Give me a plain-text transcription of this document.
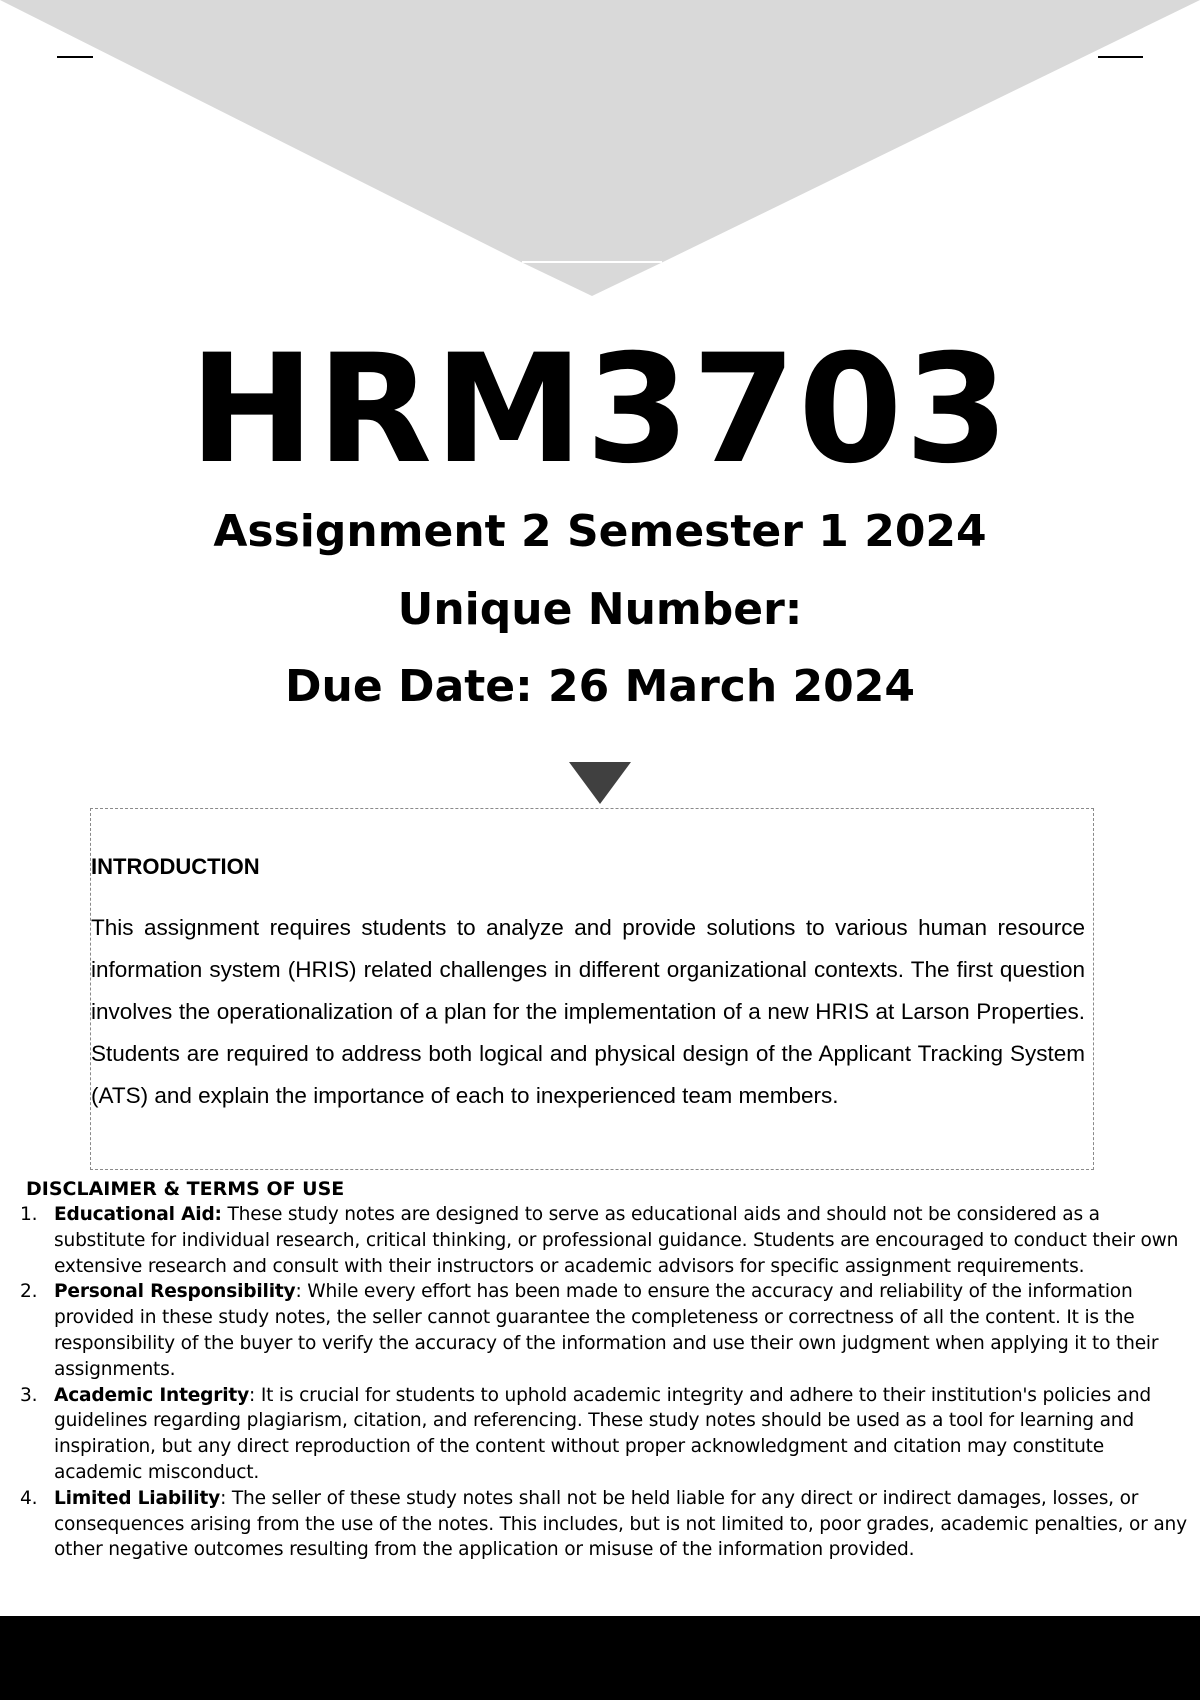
HRM3703
Assignment 2 Semester 1 2024
Unique Number:
Due Date: 26 March 2024
INTRODUCTION

This assignment requires students to analyze and provide solutions to various human resource information system (HRIS) related challenges in different organizational contexts. The first question involves the operationalization of a plan for the implementation of a new HRIS at Larson Properties. Students are required to address both logical and physical design of the Applicant Tracking System (ATS) and explain the importance of each to inexperienced team members.

DISCLAIMER & TERMS OF USE
1. Educational Aid: These study notes are designed to serve as educational aids and should not be considered as a substitute for individual research, critical thinking, or professional guidance. Students are encouraged to conduct their own extensive research and consult with their instructors or academic advisors for specific assignment requirements.
2. Personal Responsibility: While every effort has been made to ensure the accuracy and reliability of the information provided in these study notes, the seller cannot guarantee the completeness or correctness of all the content. It is the responsibility of the buyer to verify the accuracy of the information and use their own judgment when applying it to their assignments.
3. Academic Integrity: It is crucial for students to uphold academic integrity and adhere to their institution's policies and guidelines regarding plagiarism, citation, and referencing. These study notes should be used as a tool for learning and inspiration, but any direct reproduction of the content without proper acknowledgment and citation may constitute academic misconduct.
4. Limited Liability: The seller of these study notes shall not be held liable for any direct or indirect damages, losses, or consequences arising from the use of the notes. This includes, but is not limited to, poor grades, academic penalties, or any other negative outcomes resulting from the application or misuse of the information provided.
